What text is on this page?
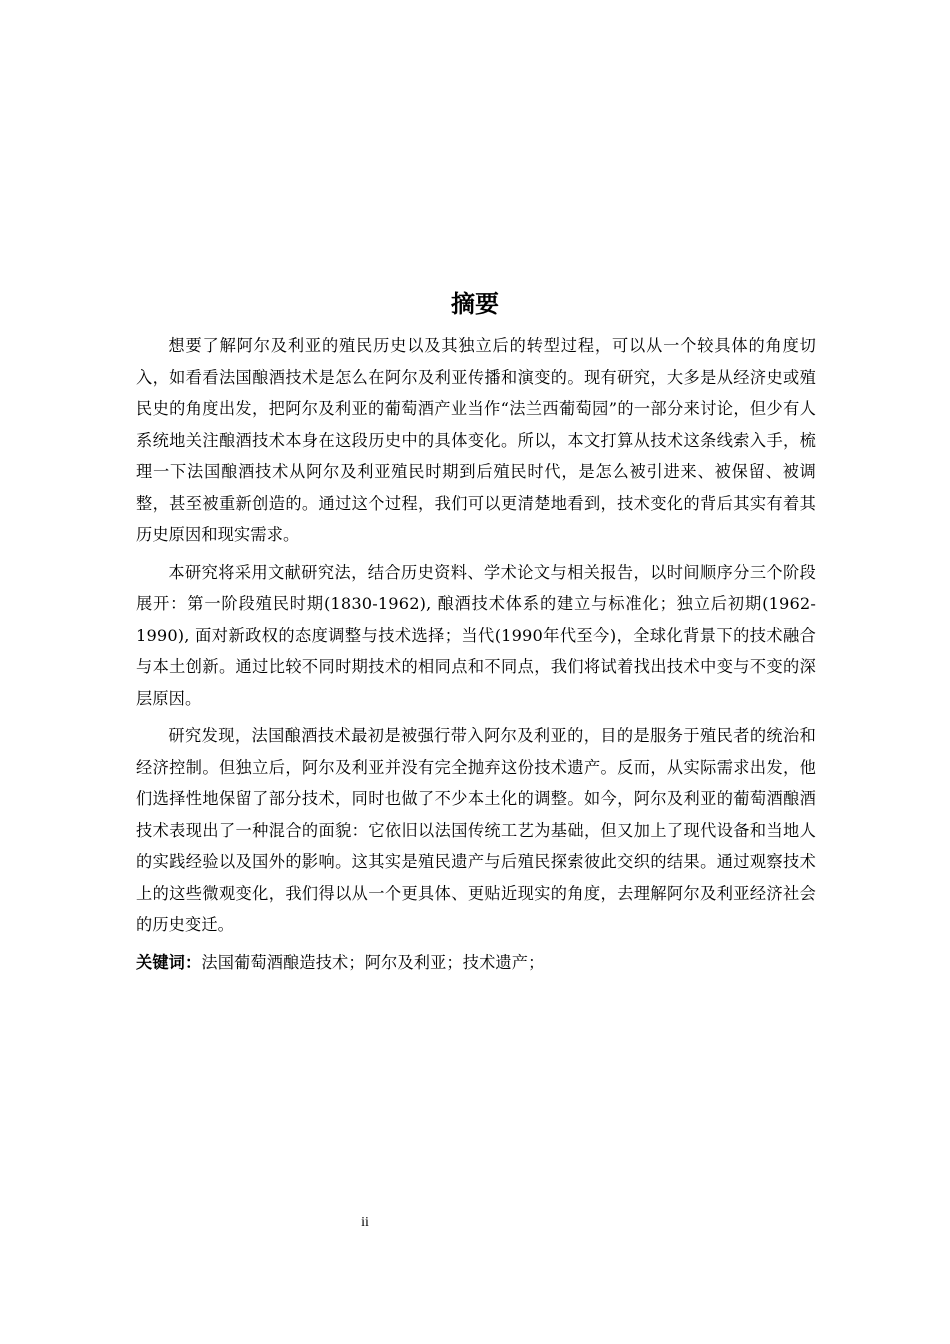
摘要

想要了解阿尔及利亚的殖民历史以及其独立后的转型过程，可以从一个较具体的角度切入，如看看法国酿酒技术是怎么在阿尔及利亚传播和演变的。现有研究，大多是从经济史或殖民史的角度出发，把阿尔及利亚的葡萄酒产业当作“法兰西葡萄园”的一部分来讨论，但少有人系统地关注酿酒技术本身在这段历史中的具体变化。所以，本文打算从技术这条线索入手，梳理一下法国酿酒技术从阿尔及利亚殖民时期到后殖民时代，是怎么被引进来、被保留、被调整，甚至被重新创造的。通过这个过程，我们可以更清楚地看到，技术变化的背后其实有着其历史原因和现实需求。

本研究将采用文献研究法，结合历史资料、学术论文与相关报告，以时间顺序分三个阶段展开：第一阶段殖民时期(1830-1962), 酿酒技术体系的建立与标准化；独立后初期(1962-1990), 面对新政权的态度调整与技术选择；当代(1990年代至今)，全球化背景下的技术融合与本土创新。通过比较不同时期技术的相同点和不同点，我们将试着找出技术中变与不变的深层原因。

研究发现，法国酿酒技术最初是被强行带入阿尔及利亚的，目的是服务于殖民者的统治和经济控制。但独立后，阿尔及利亚并没有完全抛弃这份技术遗产。反而，从实际需求出发，他们选择性地保留了部分技术，同时也做了不少本土化的调整。如今，阿尔及利亚的葡萄酒酿酒技术表现出了一种混合的面貌：它依旧以法国传统工艺为基础，但又加上了现代设备和当地人的实践经验以及国外的影响。这其实是殖民遗产与后殖民探索彼此交织的结果。通过观察技术上的这些微观变化，我们得以从一个更具体、更贴近现实的角度，去理解阿尔及利亚经济社会的历史变迁。

关键词：法国葡萄酒酿造技术；阿尔及利亚；技术遗产；

ii
